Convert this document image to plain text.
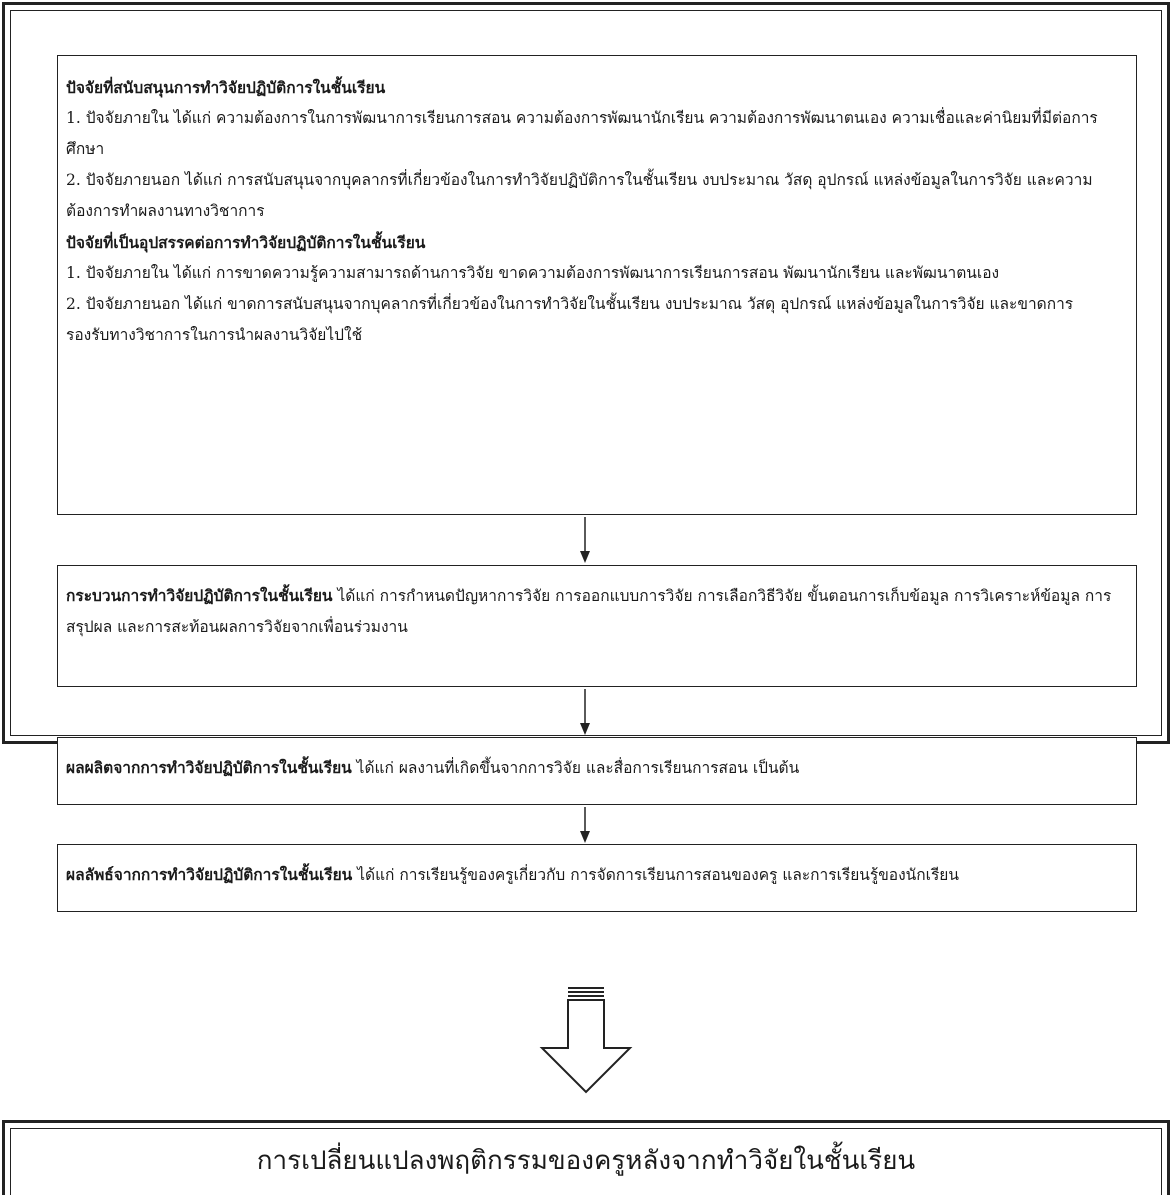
ปัจจัยที่สนับสนุนการทำวิจัยปฏิบัติการในชั้นเรียน

1. ปัจจัยภายใน ได้แก่ ความต้องการในการพัฒนาการเรียนการสอน ความต้องการพัฒนานักเรียน ความต้องการพัฒนาตนเอง ความเชื่อและค่านิยมที่มีต่อการศึกษา

2. ปัจจัยภายนอก ได้แก่ การสนับสนุนจากบุคลากรที่เกี่ยวข้องในการทำวิจัยปฏิบัติการในชั้นเรียน งบประมาณ วัสดุ อุปกรณ์ แหล่งข้อมูลในการวิจัย และความต้องการทำผลงานทางวิชาการ

ปัจจัยที่เป็นอุปสรรคต่อการทำวิจัยปฏิบัติการในชั้นเรียน

1. ปัจจัยภายใน ได้แก่ การขาดความรู้ความสามารถด้านการวิจัย ขาดความต้องการพัฒนาการเรียนการสอน พัฒนานักเรียน และพัฒนาตนเอง

2. ปัจจัยภายนอก ได้แก่ ขาดการสนับสนุนจากบุคลากรที่เกี่ยวข้องในการทำวิจัยในชั้นเรียน งบประมาณ วัสดุ อุปกรณ์ แหล่งข้อมูลในการวิจัย และขาดการรองรับทางวิชาการในการนำผลงานวิจัยไปใช้

กระบวนการทำวิจัยปฏิบัติการในชั้นเรียน ได้แก่ การกำหนดปัญหาการวิจัย การออกแบบการวิจัย การเลือกวิธีวิจัย ขั้นตอนการเก็บข้อมูล การวิเคราะห์ข้อมูล การสรุปผล และการสะท้อนผลการวิจัยจากเพื่อนร่วมงาน

ผลผลิตจากการทำวิจัยปฏิบัติการในชั้นเรียน ได้แก่ ผลงานที่เกิดขึ้นจากการวิจัย และสื่อการเรียนการสอน เป็นต้น

ผลลัพธ์จากการทำวิจัยปฏิบัติการในชั้นเรียน ได้แก่ การเรียนรู้ของครูเกี่ยวกับ การจัดการเรียนการสอนของครู และการเรียนรู้ของนักเรียน

การเปลี่ยนแปลงพฤติกรรมของครูหลังจากทำวิจัยในชั้นเรียน
